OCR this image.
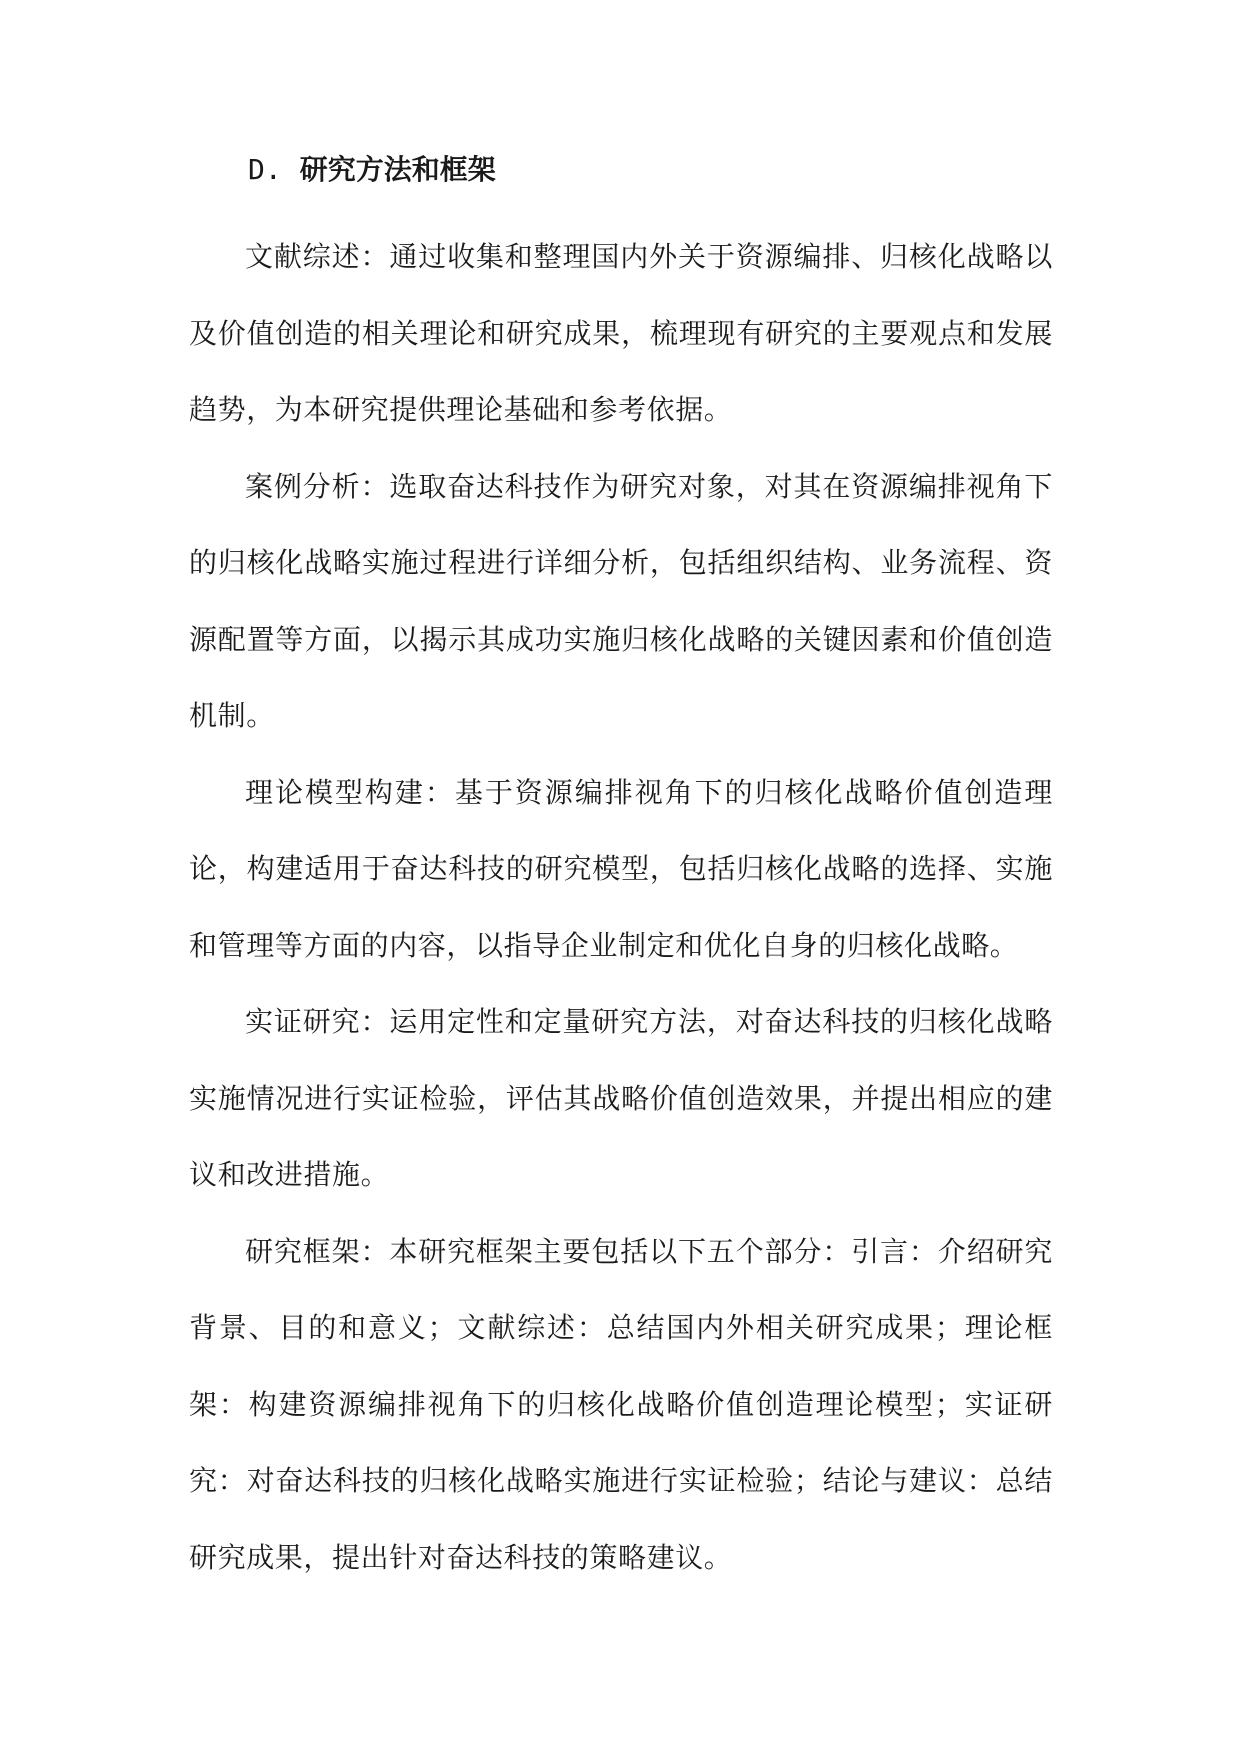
D. 研究方法和框架

文献综述：通过收集和整理国内外关于资源编排、归核化战略以及价值创造的相关理论和研究成果，梳理现有研究的主要观点和发展趋势，为本研究提供理论基础和参考依据。

案例分析：选取奋达科技作为研究对象，对其在资源编排视角下的归核化战略实施过程进行详细分析，包括组织结构、业务流程、资源配置等方面，以揭示其成功实施归核化战略的关键因素和价值创造机制。

理论模型构建：基于资源编排视角下的归核化战略价值创造理论，构建适用于奋达科技的研究模型，包括归核化战略的选择、实施和管理等方面的内容，以指导企业制定和优化自身的归核化战略。

实证研究：运用定性和定量研究方法，对奋达科技的归核化战略实施情况进行实证检验，评估其战略价值创造效果，并提出相应的建议和改进措施。

研究框架：本研究框架主要包括以下五个部分：引言：介绍研究背景、目的和意义；文献综述：总结国内外相关研究成果；理论框架：构建资源编排视角下的归核化战略价值创造理论模型；实证研究：对奋达科技的归核化战略实施进行实证检验；结论与建议：总结研究成果，提出针对奋达科技的策略建议。
